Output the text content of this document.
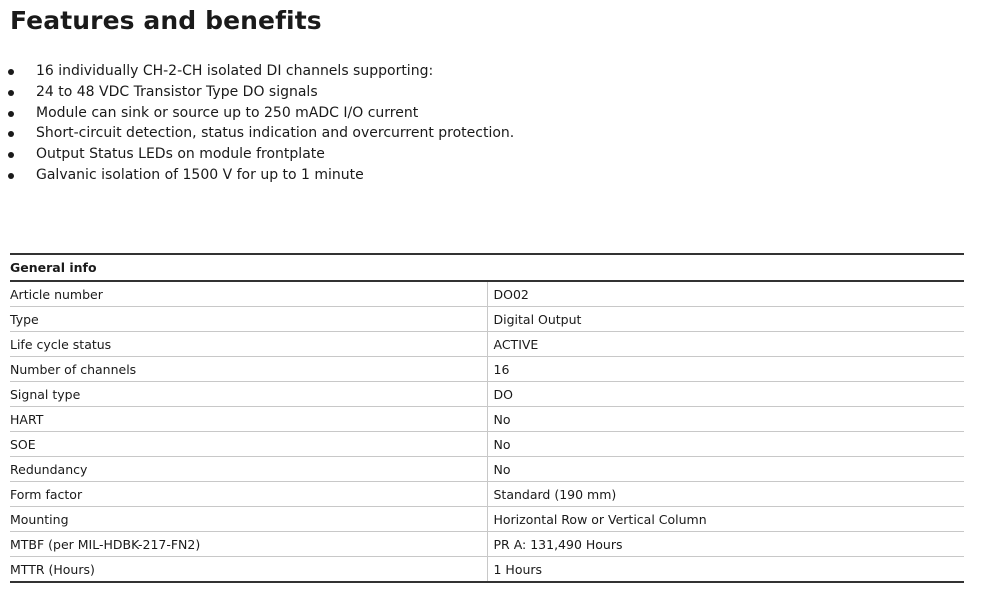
Features and benefits
16 individually CH-2-CH isolated DI channels supporting:
24 to 48 VDC Transistor Type DO signals
Module can sink or source up to 250 mADC I/O current
Short-circuit detection, status indication and overcurrent protection.
Output Status LEDs on module frontplate
Galvanic isolation of 1500 V for up to 1 minute
General info	
Article number	DO02
Type	Digital Output
Life cycle status	ACTIVE
Number of channels	16
Signal type	DO
HART	No
SOE	No
Redundancy	No
Form factor	Standard (190 mm)
Mounting	Horizontal Row or Vertical Column
MTBF (per MIL-HDBK-217-FN2)	PR A: 131,490 Hours
MTTR (Hours)	1 Hours
